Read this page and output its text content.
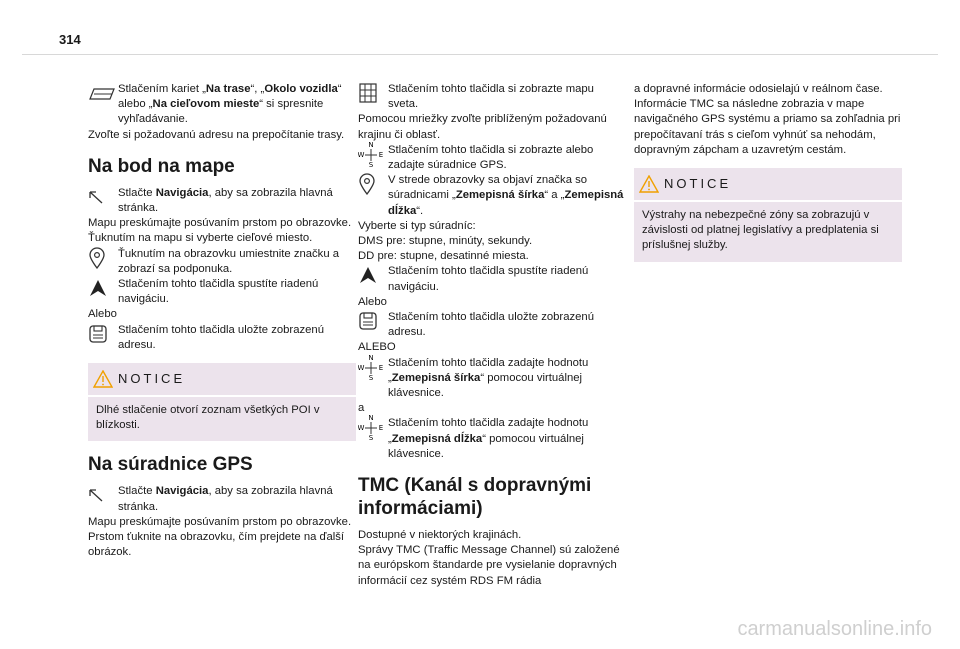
314
Stlačením kariet „Na trase“, „Okolo vozidla“ alebo „Na cieľovom mieste“ si spresnite vyhľadávanie.

Zvoľte si požadovanú adresu na prepočítanie trasy.

Na bod na mape
Stlačte Navigácia, aby sa zobrazila hlavná stránka.

Mapu preskúmajte posúvaním prstom po obrazovke.

Ťuknutím na mapu si vyberte cieľové miesto.

Ťuknutím na obrazovku umiestnite značku a zobrazí sa podponuka.
Stlačením tohto tlačidla spustíte riadenú navigáciu.

Alebo

Stlačením tohto tlačidla uložte zobrazenú adresu.
NOTICE
Dlhé stlačenie otvorí zoznam všetkých POI v blízkosti.
Na súradnice GPS
Stlačte Navigácia, aby sa zobrazila hlavná stránka.

Mapu preskúmajte posúvaním prstom po obrazovke.

Prstom ťuknite na obrazovku, čím prejdete na ďalší obrázok.

Stlačením tohto tlačidla si zobrazte mapu sveta.

Pomocou mriežky zvoľte priblíženým požadovanú krajinu či oblasť.

N
W E
S
Stlačením tohto tlačidla si zobrazte alebo zadajte súradnice GPS.
V strede obrazovky sa objaví značka so súradnicami „Zemepisná šírka“ a „Zemepisná dĺžka“.

Vyberte si typ súradníc:

DMS pre: stupne, minúty, sekundy.

DD pre: stupne, desatinné miesta.

Stlačením tohto tlačidla spustíte riadenú navigáciu.

Alebo

Stlačením tohto tlačidla uložte zobrazenú adresu.

ALEBO

N
W E
S
Stlačením tohto tlačidla zadajte hodnotu „Zemepisná šírka“ pomocou virtuálnej klávesnice.

a

N
W E
S
Stlačením tohto tlačidla zadajte hodnotu „Zemepisná dĺžka“ pomocou virtuálnej klávesnice.
TMC (Kanál s dopravnými informáciami)

Dostupné v niektorých krajinách.

Správy TMC (Traffic Message Channel) sú založené na európskom štandarde pre vysielanie dopravných informácií cez systém RDS FM rádia

a dopravné informácie odosielajú v reálnom čase.

Informácie TMC sa následne zobrazia v mape navigačného GPS systému a priamo sa zohľadnia pri prepočítavaní trás s cieľom vyhnúť sa nehodám, dopravným zápcham a uzavretým cestám.

NOTICE
Výstrahy na nebezpečné zóny sa zobrazujú v závislosti od platnej legislatívy a predplatenia si príslušnej služby.
carmanualsonline.info
